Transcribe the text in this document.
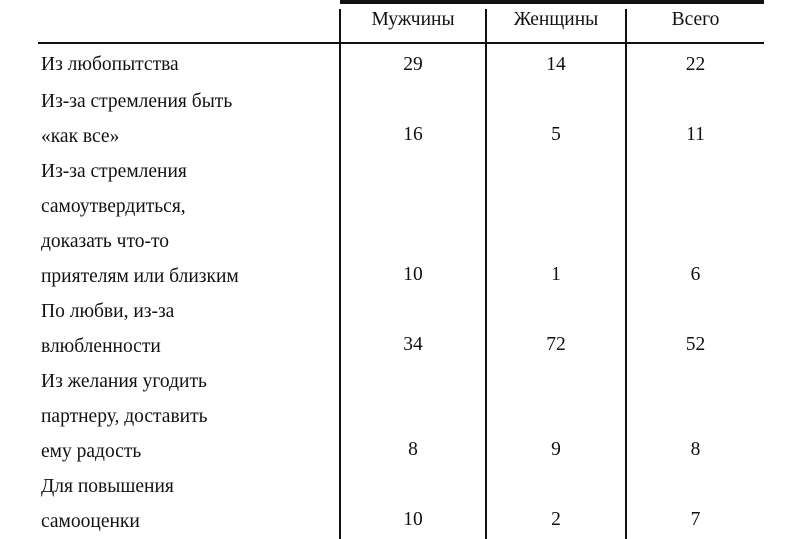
	Мужчины	Женщины	Всего

Из любопытства	29	14	22

Из-за стремления быть
«как все»	16	5	11

Из-за стремления
самоутвердиться,
доказать что-то
приятелям или близким	10	1	6

По любви, из-за
влюбленности	34	72	52

Из желания угодить
партнеру, доставить
ему радость	8	9	8

Для повышения
самооценки	10	2	7
